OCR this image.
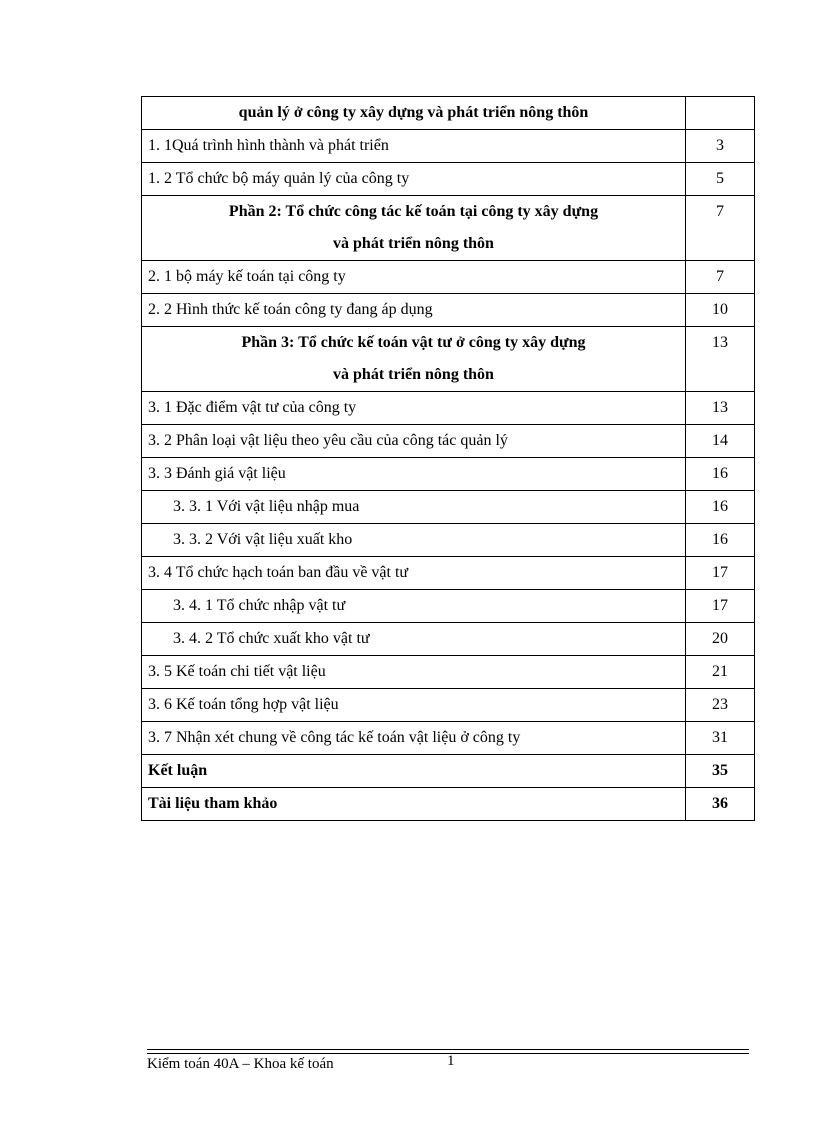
quản lý ở công ty xây dựng và phát triển nông thôn	

1. 1Quá trình hình thành và phát triển	3
1. 2 Tổ chức bộ máy quản lý của công ty	5

Phần 2: Tổ chức công tác kế toán tại công ty xây dựng
và phát triển nông thôn	7
2. 1 bộ máy kế toán tại công ty	7
2. 2 Hình thức kế toán công ty đang áp dụng	10

Phần 3: Tổ chức kế toán vật tư ở công ty xây dựng
và phát triển nông thôn	13
3. 1 Đặc điểm vật tư của công ty	13
3. 2 Phân loại vật liệu theo yêu cầu của công tác quản lý	14
3. 3 Đánh giá vật liệu	16
3. 3. 1 Với vật liệu nhập mua	16
3. 3. 2 Với vật liệu xuất kho	16
3. 4 Tổ chức hạch toán ban đầu về vật tư	17
3. 4. 1 Tổ chức nhập vật tư	17
3. 4. 2 Tổ chức xuất kho vật tư	20
3. 5 Kế toán chi tiết vật liệu	21
3. 6 Kế toán tổng hợp vật liệu	23
3. 7 Nhận xét chung về công tác kế toán vật liệu ở công ty	31
Kết luận	35
Tài liệu tham khảo	36
Kiểm toán 40A – Khoa kế toán	1
